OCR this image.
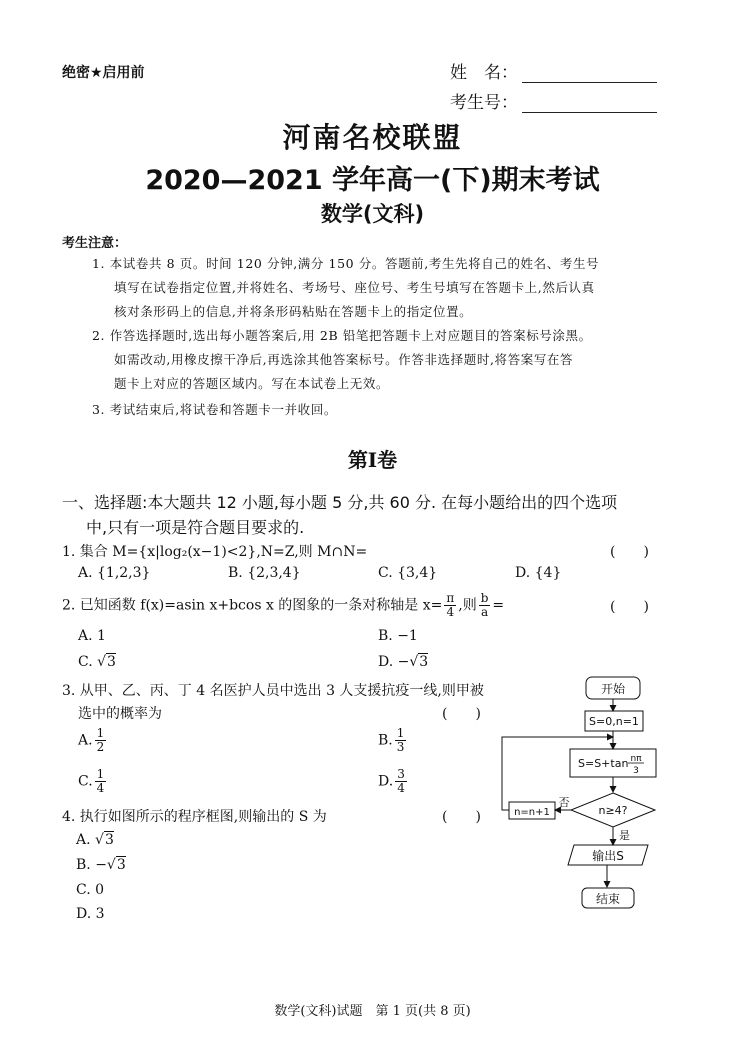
绝密★启用前	姓　名：
考生号：
河南名校联盟
2020—2021 学年高一(下)期末考试
数学(文科)
考生注意：
1. 本试卷共 8 页。时间 120 分钟,满分 150 分。答题前,考生先将自己的姓名、考生号
填写在试卷指定位置,并将姓名、考场号、座位号、考生号填写在答题卡上,然后认真
核对条形码上的信息,并将条形码粘贴在答题卡上的指定位置。
2. 作答选择题时,选出每小题答案后,用 2B 铅笔把答题卡上对应题目的答案标号涂黑。
如需改动,用橡皮擦干净后,再选涂其他答案标号。作答非选择题时,将答案写在答
题卡上对应的答题区域内。写在本试卷上无效。
3. 考试结束后,将试卷和答题卡一并收回。
第Ⅰ卷
一、选择题:本大题共 12 小题,每小题 5 分,共 60 分. 在每小题给出的四个选项
中,只有一项是符合题目要求的.
1. 集合 M={x|log₂(x−1)<2},N=Z,则 M∩N=	(　　)
A. {1,2,3}	B. {2,3,4}	C. {3,4}	D. {4}
2. 已知函数 f(x)=asin x+bcos x 的图象的一条对称轴是 $x= \frac{\pi}{4}$ ,则 $\frac{b}{a}$ =	(　　)
A. 1	B. −1
C. √3	D. −√3
3. 从甲、乙、丙、丁 4 名医护人员中选出 3 人支援抗疫一线,则甲被
选中的概率为	(　　)
A. $\frac{1}{2}$	B. $\frac{1}{3}$
C. $\frac{1}{4}$	D. $\frac{3}{4}$
4. 执行如图所示的程序框图,则输出的 S 为	(　　)
A. √3
B. −√3
C. 0
D. 3
开始
S=0,n=1
S=S+tan nπ
3
n≥4?
n=n+1
否
是
输出S
结束
数学(文科)试题　第 1 页(共 8 页)
